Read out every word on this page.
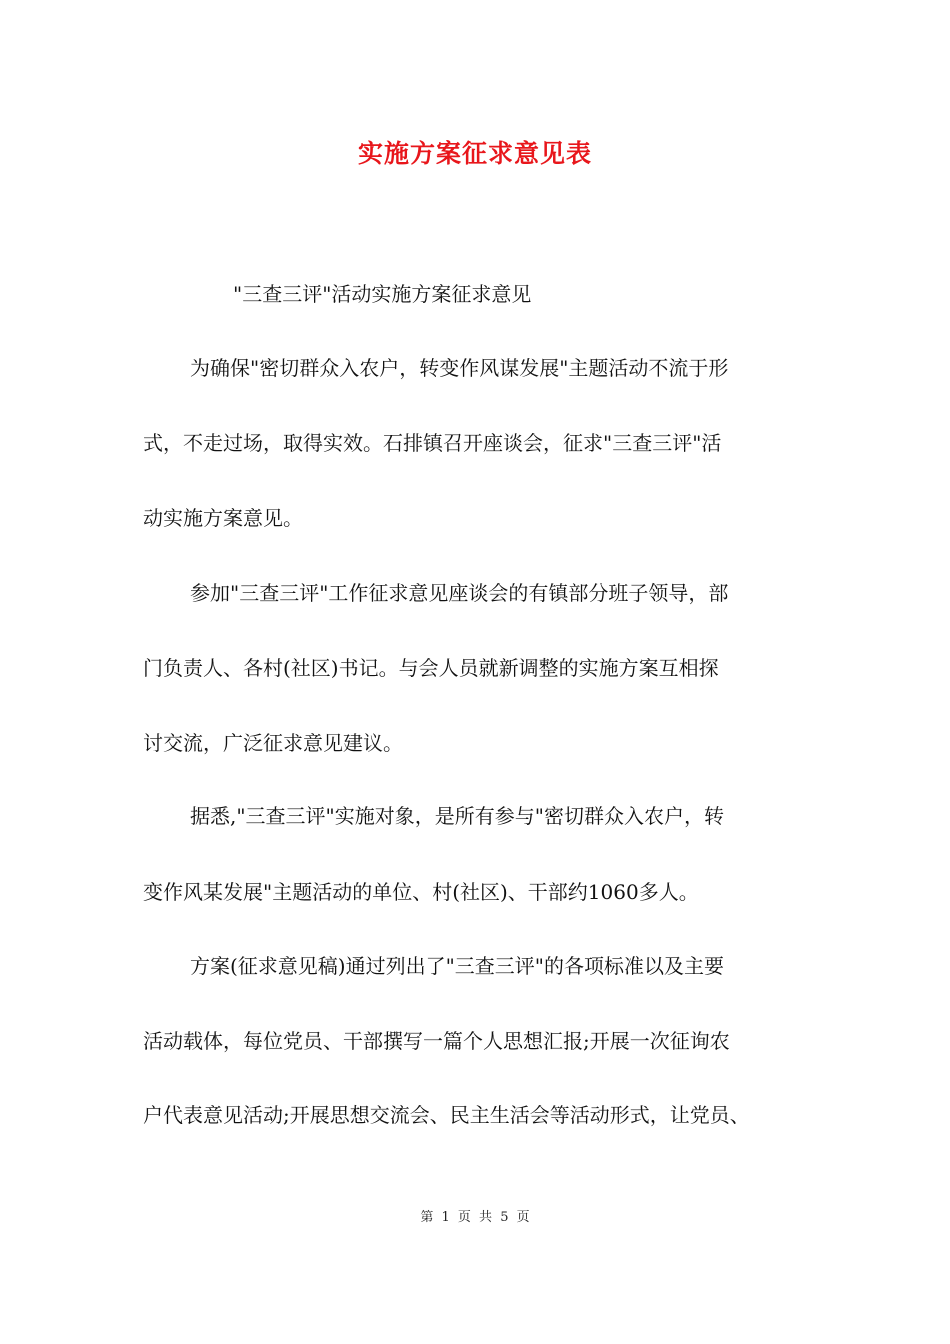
实施方案征求意见表
"三查三评"活动实施方案征求意见
为确保"密切群众入农户，转变作风谋发展"主题活动不流于形
式，不走过场，取得实效。石排镇召开座谈会，征求"三查三评"活
动实施方案意见。
参加"三查三评"工作征求意见座谈会的有镇部分班子领导，部
门负责人、各村(社区)书记。与会人员就新调整的实施方案互相探
讨交流，广泛征求意见建议。
据悉,"三查三评"实施对象，是所有参与"密切群众入农户，转
变作风某发展"主题活动的单位、村(社区)、干部约1060多人。
方案(征求意见稿)通过列出了"三查三评"的各项标准以及主要
活动载体，每位党员、干部撰写一篇个人思想汇报;开展一次征询农
户代表意见活动;开展思想交流会、民主生活会等活动形式，让党员、
第 1 页 共 5 页
